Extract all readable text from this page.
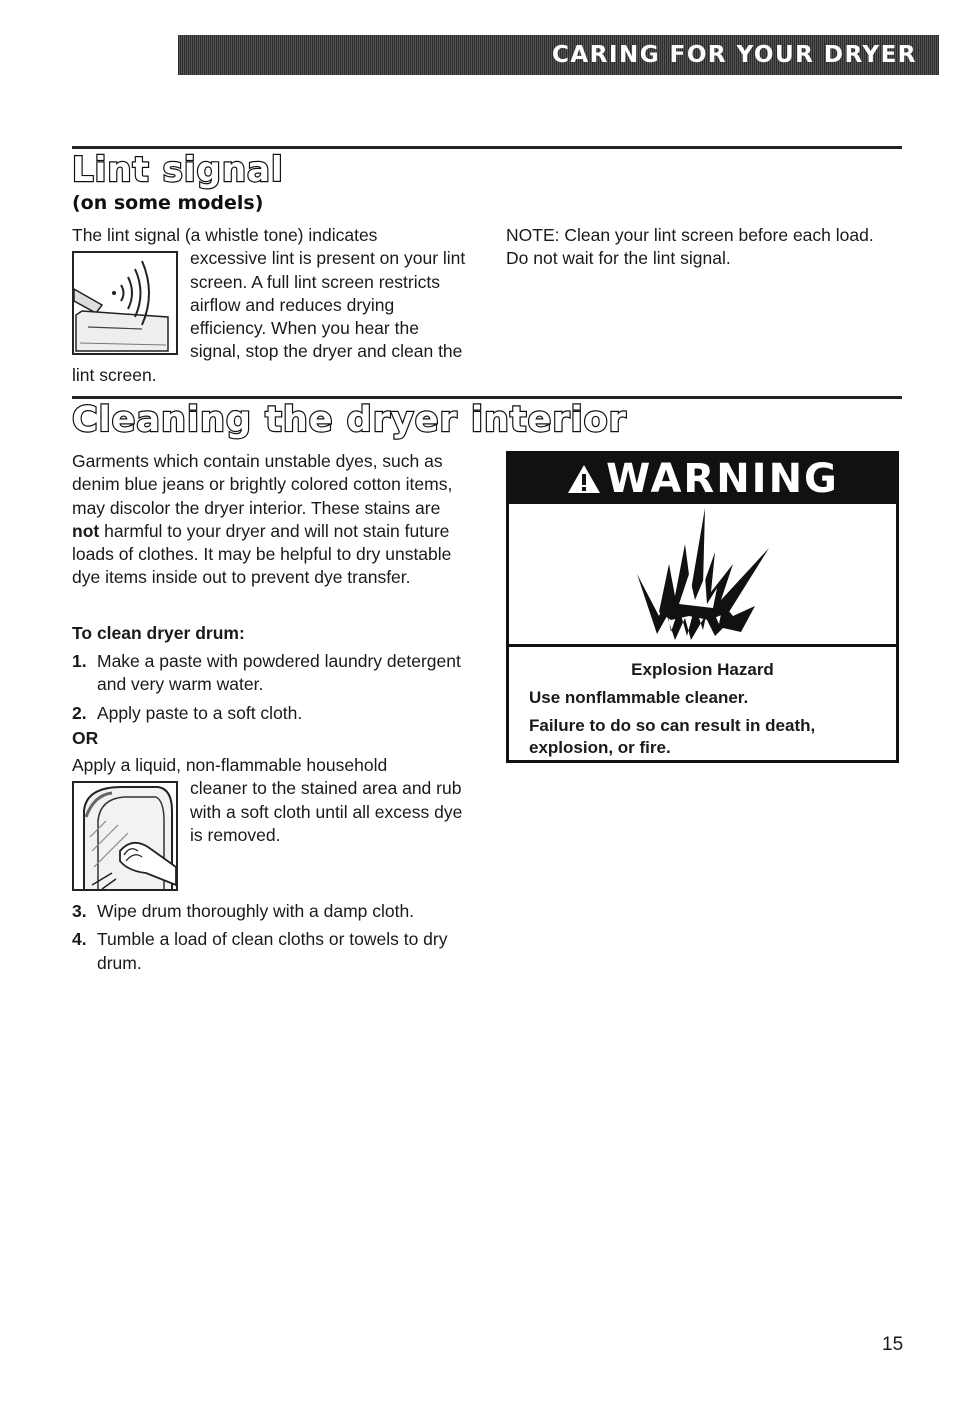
CARING FOR YOUR DRYER
Lint signal
(on some models)
The lint signal (a whistle tone) indicates
excessive lint is present on your lint screen. A full lint screen restricts airflow and reduces drying efficiency. When you hear the signal, stop the dryer and clean the lint screen.
NOTE: Clean your lint screen before each load. Do not wait for the lint signal.
Cleaning the dryer interior

Garments which contain unstable dyes, such as denim blue jeans or brightly colored cotton items, may discolor the dryer interior. These stains are not harmful to your dryer and will not stain future loads of clothes. It may be helpful to dry unstable dye items inside out to prevent dye transfer.

To clean dryer drum:
1. Make a paste with powdered laundry detergent and very warm water.
2. Apply paste to a soft cloth.
OR
Apply a liquid, non-flammable household
cleaner to the stained area and rub with a soft cloth until all excess dye is removed.
3. Wipe drum thoroughly with a damp cloth.
4. Tumble a load of clean cloths or towels to dry drum.
WARNING

Explosion Hazard

Use nonflammable cleaner.

Failure to do so can result in death, explosion, or fire.

15
